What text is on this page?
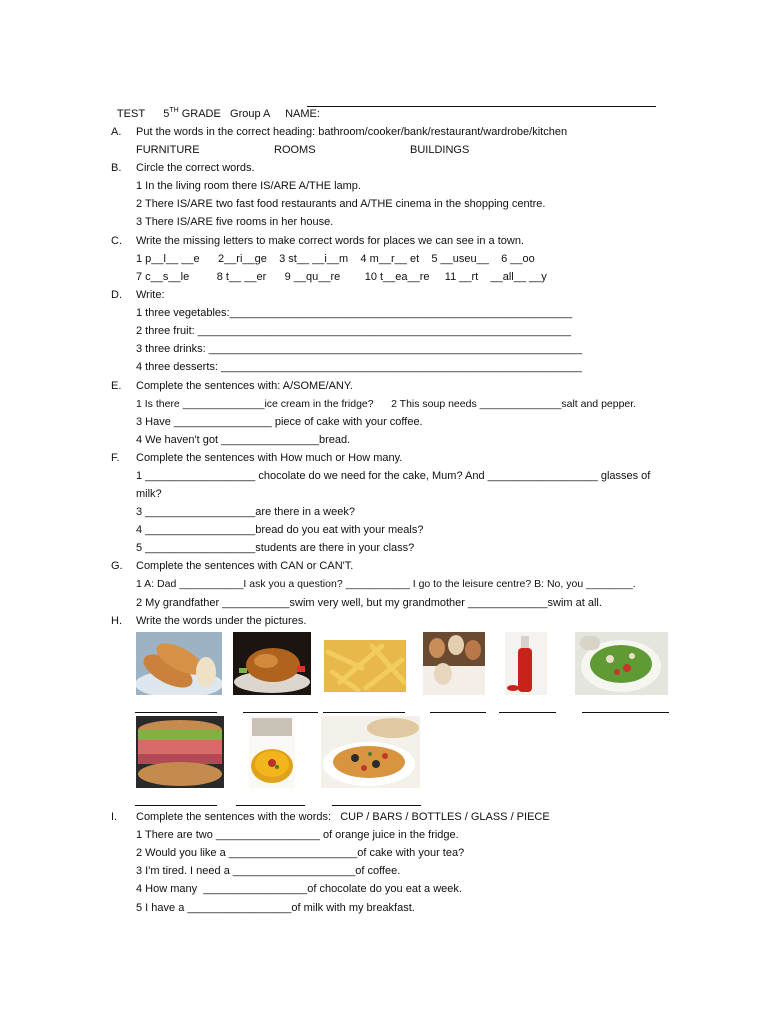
TEST 5TH GRADE Group A NAME:

A. Put the words in the correct heading: bathroom/cooker/bank/restaurant/wardrobe/kitchen
FURNITURE	ROOMS	BUILDINGS
B. Circle the correct words.
1 In the living room there IS/ARE A/THE lamp.
2 There IS/ARE two fast food restaurants and A/THE cinema in the shopping centre.
3 There IS/ARE five rooms in her house.
C. Write the missing letters to make correct words for places we can see in a town.
1 p__l__ __e      2__ri__ge    3 st__ __i__m    4 m__r__ et    5 __useu__    6 __oo
7 c__s__le         8 t__ __er      9 __qu__re        10 t__ea__re     11 __rt    __all__ __y
D. Write:
1 three vegetables:________________________________________________________
2 three fruit: _____________________________________________________________
3 three drinks: _____________________________________________________________
4 three desserts: ___________________________________________________________
E. Complete the sentences with: A/SOME/ANY.
1 Is there ______________ice cream in the fridge?      2 This soup needs ______________salt and pepper.
3 Have ________________ piece of cake with your coffee.
4 We haven't got ________________bread.
F. Complete the sentences with How much or How many.
1 __________________ chocolate do we need for the cake, Mum? And __________________ glasses of
milk?
3 __________________are there in a week?
4 __________________bread do you eat with your meals?
5 __________________students are there in your class?
G. Complete the sentences with CAN or CAN'T.
1 A: Dad ___________I ask you a question? ___________ I go to the leisure centre? B: No, you ________.
2 My grandfather ___________swim very well, but my grandmother _____________swim at all.
H. Write the words under the pictures.
I. Complete the sentences with the words:   CUP / BARS / BOTTLES / GLASS / PIECE
1 There are two _________________ of orange juice in the fridge.
2 Would you like a _____________________of cake with your tea?
3 I'm tired. I need a ____________________of coffee.
4 How many  _________________of chocolate do you eat a week.
5 I have a _________________of milk with my breakfast.
